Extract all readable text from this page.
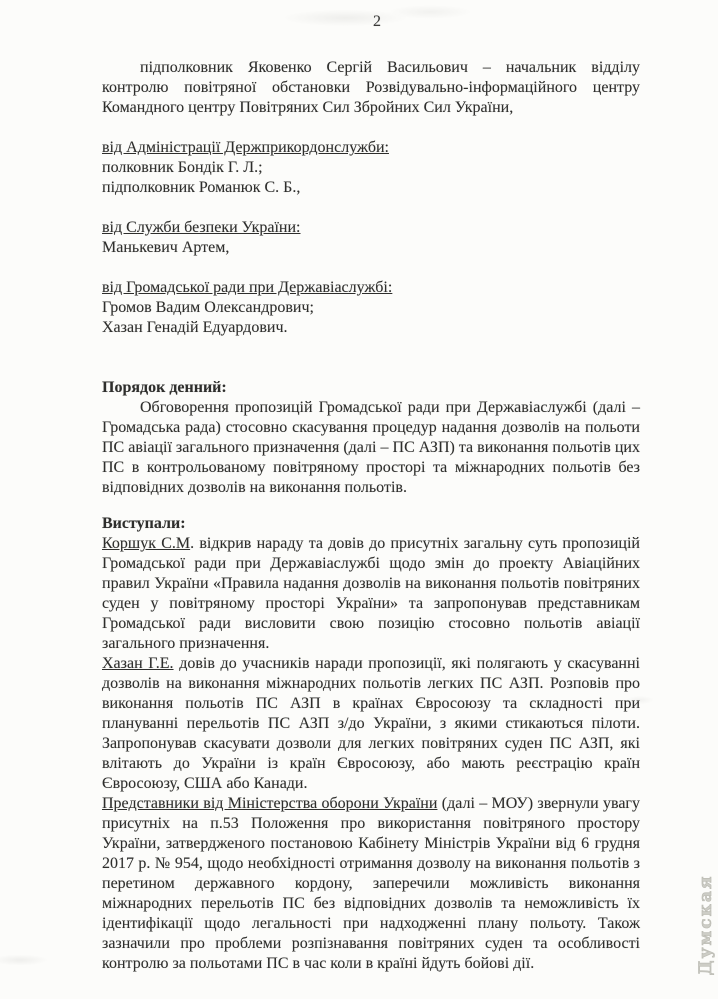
2

підполковник Яковенко Сергій Васильович – начальник відділу контролю повітряної обстановки Розвідувально-інформаційного центру Командного центру Повітряних Сил Збройних Сил України,

від Адміністрації Держприкордонслужби:

полковник Бондік Г. Л.;

підполковник Романюк С. Б.,

від Служби безпеки України:

Манькевич Артем,

від Громадської ради при Державіаслужбі:

Громов Вадим Олександрович;

Хазан Генадій Едуардович.

Порядок денний:

Обговорення пропозицій Громадської ради при Державіаслужбі (далі – Громадська рада) стосовно скасування процедур надання дозволів на польоти ПС авіації загального призначення (далі – ПС АЗП) та виконання польотів цих ПС в контрольованому повітряному просторі та міжнародних польотів без відповідних дозволів на виконання польотів.

Виступали:

Коршук С.М. відкрив нараду та довів до присутніх загальну суть пропозицій Громадської ради при Державіаслужбі щодо змін до проекту Авіаційних правил України «Правила надання дозволів на виконання польотів повітряних суден у повітряному просторі України» та запропонував представникам Громадської ради висловити свою позицію стосовно польотів авіації загального призначення.

Хазан Г.Е. довів до учасників наради пропозиції, які полягають у скасуванні дозволів на виконання міжнародних польотів легких ПС АЗП. Розповів про виконання польотів ПС АЗП в країнах Євросоюзу та складності при плануванні перельотів ПС АЗП з/до України, з якими стикаються пілоти. Запропонував скасувати дозволи для легких повітряних суден ПС АЗП, які влітають до України із країн Євросоюзу, або мають реєстрацію країн Євросоюзу, США або Канади.

Представники від Міністерства оборони України (далі – МОУ) звернули увагу присутніх на п.53 Положення про використання повітряного простору України, затвердженого постановою Кабінету Міністрів України від 6 грудня 2017 р. № 954, щодо необхідності отримання дозволу на виконання польотів з перетином державного кордону, заперечили можливість виконання міжнародних перельотів ПС без відповідних дозволів та неможливість їх ідентифікації щодо легальності при надходженні плану польоту. Також зазначили про проблеми розпізнавання повітряних суден та особливості контролю за польотами ПС в час коли в країні йдуть бойові дії.	Думская
